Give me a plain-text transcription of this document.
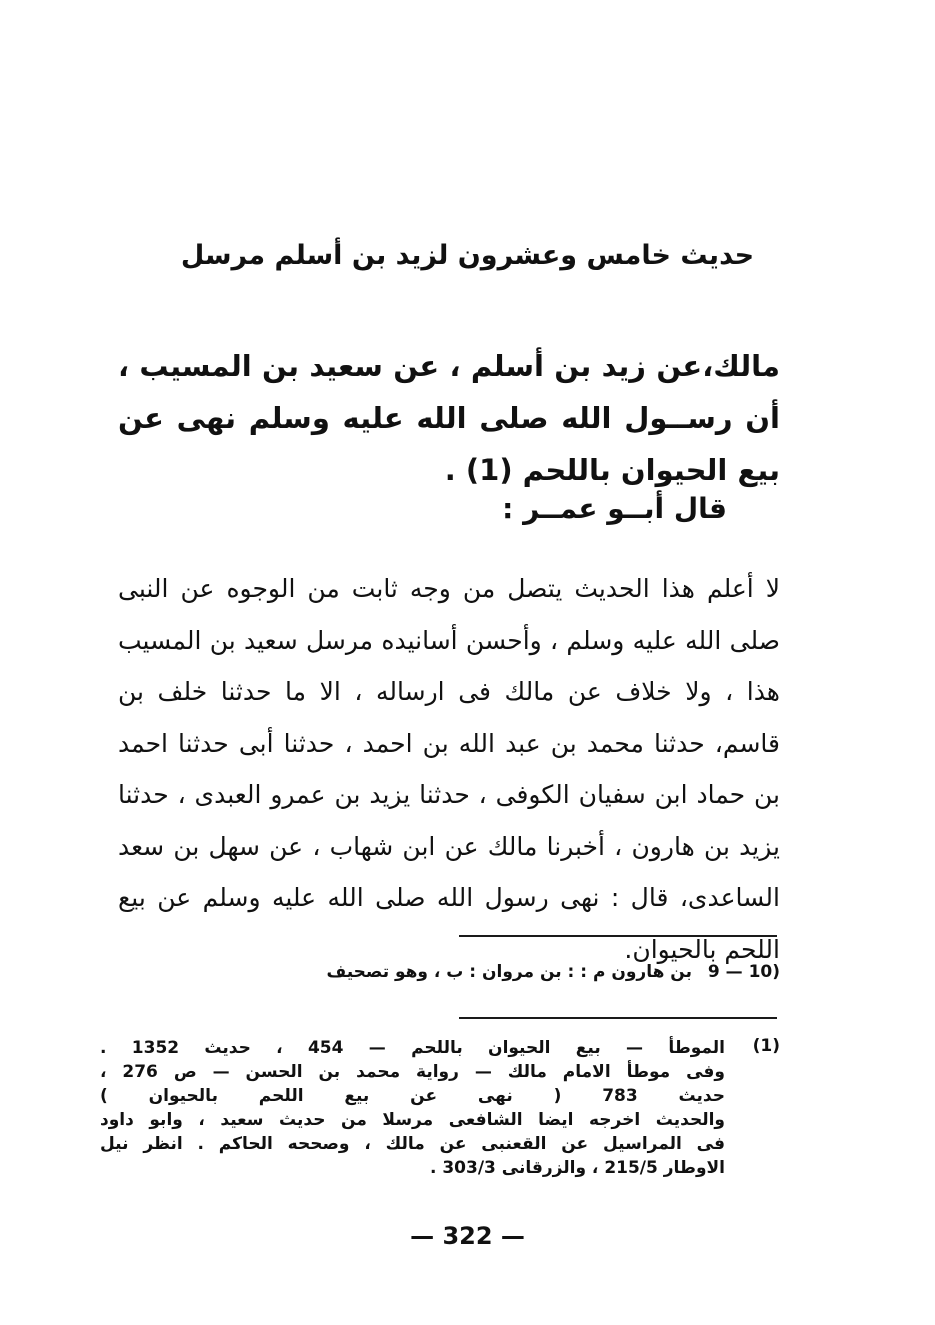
حديث خامس وعشرون لزيد بن أسلم مرسل
مالك،عن زيد بن أسلم ، عن سعيد بن المسيب ، أن رســول الله صلى الله عليه وسلم نهى عن بيع الحيوان باللحم (1) .
قال أبــو عمــر :
لا أعلم هذا الحديث يتصل من وجه ثابت من الوجوه عن النبى صلى الله عليه وسلم ، وأحسن أسانيده مرسل سعيد بن المسيب هذا ، ولا خلاف عن مالك فى ارساله ، الا ما حدثنا خلف بن قاسم، حدثنا محمد بن عبد الله بن احمد ، حدثنا أبى حدثنا احمد بن حماد ابن سفيان الكوفى ، حدثنا يزيد بن عمرو العبدى ، حدثنا يزيد بن هارون ، أخبرنا مالك عن ابن شهاب ، عن سهل بن سعد الساعدى، قال : نهى رسول الله صلى الله عليه وسلم عن بيع اللحم بالحيوان.
9 — 10) بن هارون م : : بن مروان : ب ، وهو تصحيف
(1)
الموطأ — بيع الحيوان باللحم — 454 ، حديث 1352 .
وفى موطأ الامام مالك — رواية محمد بن الحسن — ص 276 ،
حديث 783 ( نهى عن بيع اللحم بالحيوان )
والحديث اخرجه ايضا الشافعى مرسلا من حديث سعيد ، وابو داود
فى المراسيل عن القعنبى عن مالك ، وصححه الحاكم . انظر نيل
الاوطار 215/5 ، والزرقانى 303/3 .
— 322 —
